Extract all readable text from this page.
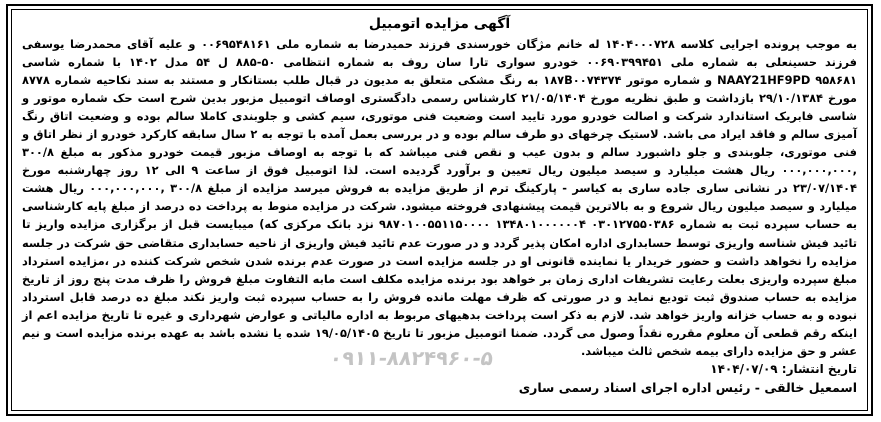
آگهی مزایده اتومبیل

به موجب پرونده اجرایی کلاسه ۱۴۰۴۰۰۰۷۲۸ له خانم مژگان خورسندی فرزند حمیدرضا به شماره ملی ۰۰۶۹۵۴۸۱۶۱ و علیه آقای محمدرضا یوسفی فرزند حسینعلی به شماره ملی ۰۰۶۹۰۳۹۹۴۵۱ خودرو سواری تارا سان روف به شماره انتظامی ۵۰-۸۸۵ ل ۵۴ مدل ۱۴۰۲ با شماره شاسی NAAY21HF9PD ۹۵۸۶۸۱ و شماره موتور ۱۸۷B۰۰۷۴۳۷۴ به رنگ مشکی متعلق به مدیون در قبال طلب بستانکار و مستند به سند نکاحیه شماره ۸۷۷۸ مورخ ۲۹/۱۰/۱۳۸۴ بازداشت و طبق نظریه مورخ ۲۱/۰۵/۱۴۰۴ کارشناس رسمی دادگستری اوصاف اتومبیل مزبور بدین شرح است حک شماره موتور و شاسی فابریک استاندارد شرکت و اصالت خودرو مورد تایید است وضعیت فنی موتوری، سیم کشی و جلوبندی کاملا سالم بوده و وضعیت اتاق رنگ آمیزی سالم و فاقد ایراد می باشد. لاستیک چرخهای دو طرف سالم بوده و در بررسی بعمل آمده با توجه به ۲ سال سابقه کارکرد خودرو از نظر اتاق و فنی موتوری، جلوبندی و جلو داشبورد سالم و بدون عیب و نقص فنی میباشد که با توجه به اوصاف مزبور قیمت خودرو مذکور به مبلغ ۳۰۰/۸ ,۰۰۰,۰۰۰,۰۰۰ ریال هشت میلیارد و سیصد میلیون ریال تعیین و برآورد گردیده است. لذا اتومبیل فوق از ساعت ۹ الی ۱۲ روز چهارشنبه مورخ ۲۳/۰۷/۱۴۰۴ در نشانی ساری جاده ساری به کیاسر - پارکینگ ترم از طریق مزایده به فروش میرسد مزایده از مبلغ ۳۰۰/۸ ,۰۰۰,۰۰۰,۰۰۰ ریال هشت میلیارد و سیصد میلیون ریال شروع و به بالاترین قیمت پیشنهادی فروخته میشود. شرکت در مزایده منوط به پرداخت ده درصد از مبلغ پایه کارشناسی به حساب سپرده ثبت به شماره ۰۳۰۱۲۷۵۵۰۳۸۶ ۱۳۴۸۰۱۰۰۰۰۰۰۴ ۹۸۷۰۱۰۰۵۵۱۱۵۰۰۰۰ نزد بانک مرکزی که) میبایست قبل از برگزاری مزایده واریز تا تائید فیش شناسه واریزی توسط حسابداری اداره امکان پذیر گردد و در صورت عدم تائید فیش واریزی از ناحیه حسابداری متقاضی حق شرکت در جلسه مزایده را نخواهد داشت و حضور خریدار یا نماینده قانونی او در جلسه مزایده است در صورت عدم برنده شدن شخص شرکت کننده در ،مزایده استرداد مبلغ سپرده واریزی بعلت رعایت تشریفات اداری زمان بر خواهد بود برنده مزایده مکلف است مابه التفاوت مبلغ فروش را ظرف مدت پنج روز از تاریخ مزایده به حساب صندوق ثبت تودیع نماید و در صورتی که ظرف مهلت مانده فروش را به حساب سپرده ثبت واریز نکند مبلغ ده درصد قابل استرداد نبوده و به حساب خزانه واریز خواهد شد. لازم به ذکر است پرداخت بدهیهای مربوط به اداره مالیاتی و عوارض شهرداری و غیره تا تاریخ مزایده اعم از اینکه رقم قطعی آن معلوم مقرره نقداً وصول می گردد. ضمنا اتومبیل مزبور تا تاریخ ۱۹/۰۵/۱۴۰۵ شده یا نشده باشد به عهده برنده مزایده است و نیم عشر و حق مزایده دارای بیمه شخص ثالث میباشد.

تاریخ انتشار: ۱۴۰۴/۰۷/۰۹

اسمعیل خالقی - رئیس اداره اجرای اسناد رسمی ساری

۰۹۱۱-۸۸۲۴۹۶۰-۵
